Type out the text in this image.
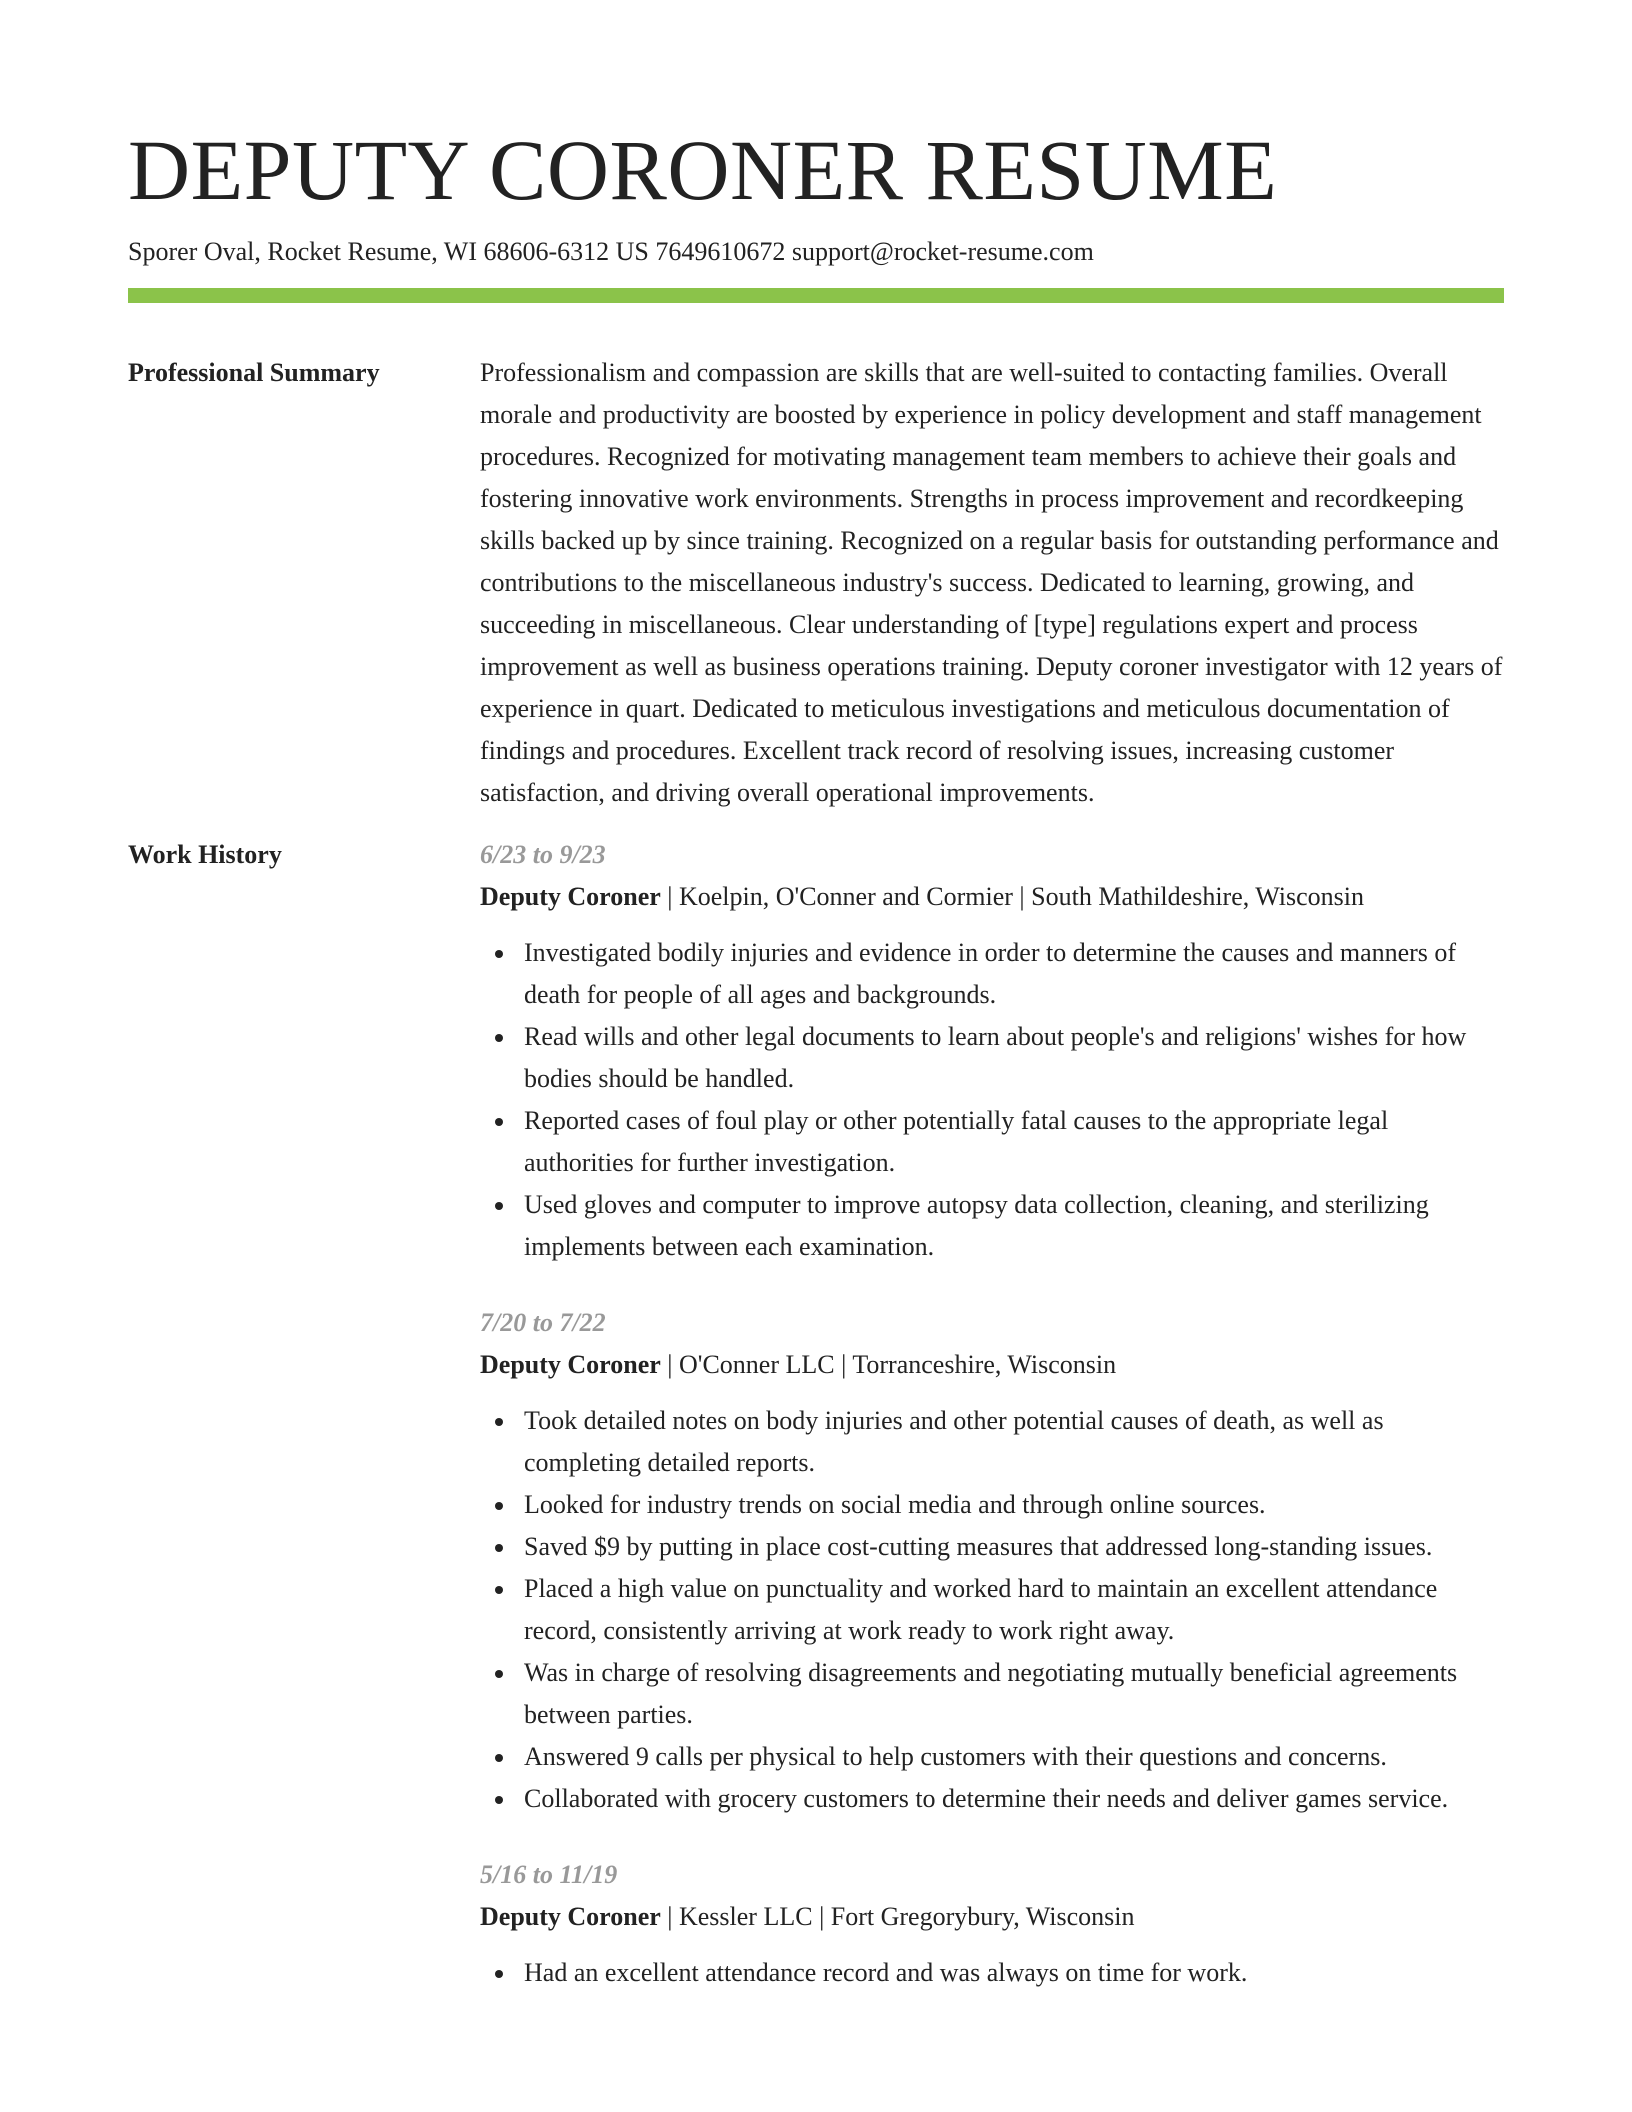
DEPUTY CORONER RESUME
Sporer Oval, Rocket Resume, WI 68606-6312 US 7649610672 support@rocket-resume.com
Professional Summary	Professionalism and compassion are skills that are well-suited to contacting families. Overall morale and productivity are boosted by experience in policy development and staff management procedures. Recognized for motivating management team members to achieve their goals and fostering innovative work environments. Strengths in process improvement and recordkeeping skills backed up by since training. Recognized on a regular basis for outstanding performance and contributions to the miscellaneous industry's success. Dedicated to learning, growing, and succeeding in miscellaneous. Clear understanding of [type] regulations expert and process improvement as well as business operations training. Deputy coroner investigator with 12 years of experience in quart. Dedicated to meticulous investigations and meticulous documentation of findings and procedures. Excellent track record of resolving issues, increasing customer satisfaction, and driving overall operational improvements.

Work History	6/23 to 9/23
Deputy Coroner | Koelpin, O'Conner and Cormier | South Mathildeshire, Wisconsin
Investigated bodily injuries and evidence in order to determine the causes and manners of death for people of all ages and backgrounds.
Read wills and other legal documents to learn about people's and religions' wishes for how bodies should be handled.
Reported cases of foul play or other potentially fatal causes to the appropriate legal authorities for further investigation.
Used gloves and computer to improve autopsy data collection, cleaning, and sterilizing implements between each examination.
7/20 to 7/22
Deputy Coroner | O'Conner LLC | Torranceshire, Wisconsin
Took detailed notes on body injuries and other potential causes of death, as well as completing detailed reports.
Looked for industry trends on social media and through online sources.
Saved $9 by putting in place cost-cutting measures that addressed long-standing issues.
Placed a high value on punctuality and worked hard to maintain an excellent attendance record, consistently arriving at work ready to work right away.
Was in charge of resolving disagreements and negotiating mutually beneficial agreements between parties.
Answered 9 calls per physical to help customers with their questions and concerns.
Collaborated with grocery customers to determine their needs and deliver games service.
5/16 to 11/19
Deputy Coroner | Kessler LLC | Fort Gregorybury, Wisconsin
Had an excellent attendance record and was always on time for work.
